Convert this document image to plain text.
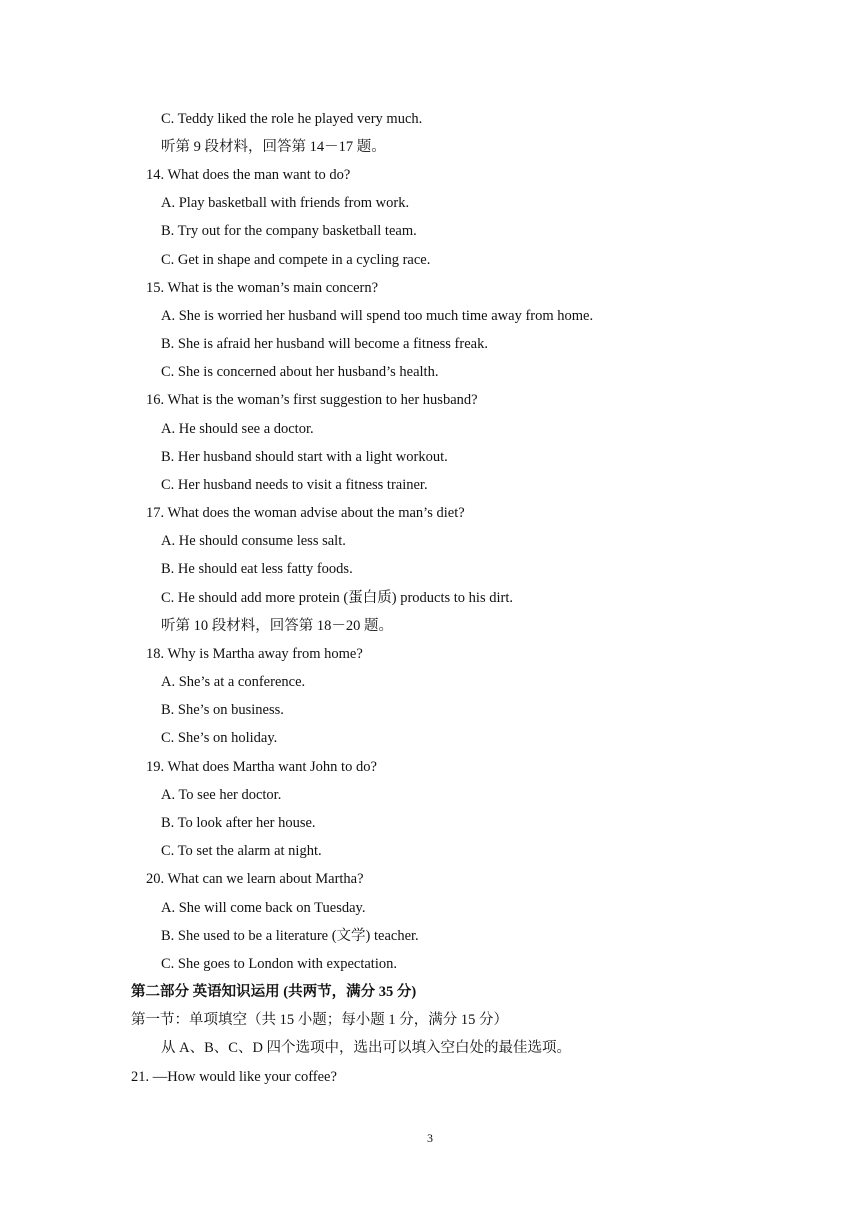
C. Teddy liked the role he played very much.
听第 9 段材料，回答第 14－17 题。
14. What does the man want to do?
A. Play basketball with friends from work.
B. Try out for the company basketball team.
C. Get in shape and compete in a cycling race.
15. What is the woman’s main concern?
A. She is worried her husband will spend too much time away from home.
B. She is afraid her husband will become a fitness freak.
C. She is concerned about her husband’s health.
16. What is the woman’s first suggestion to her husband?
A. He should see a doctor.
B. Her husband should start with a light workout.
C. Her husband needs to visit a fitness trainer.
17. What does the woman advise about the man’s diet?
A. He should consume less salt.
B. He should eat less fatty foods.
C. He should add more protein (蛋白质) products to his dirt.
听第 10 段材料，回答第 18－20 题。
18. Why is Martha away from home?
A. She’s at a conference.
B. She’s on business.
C. She’s on holiday.
19. What does Martha want John to do?
A. To see her doctor.
B. To look after her house.
C. To set the alarm at night.
20. What can we learn about Martha?
A. She will come back on Tuesday.
B. She used to be a literature (文学) teacher.
C. She goes to London with expectation.
第二部分 英语知识运用 (共两节，满分 35 分)
第一节：单项填空（共 15 小题；每小题 1 分，满分 15 分）
从 A、B、C、D 四个选项中，选出可以填入空白处的最佳选项。
21. —How would like your coffee?
3
